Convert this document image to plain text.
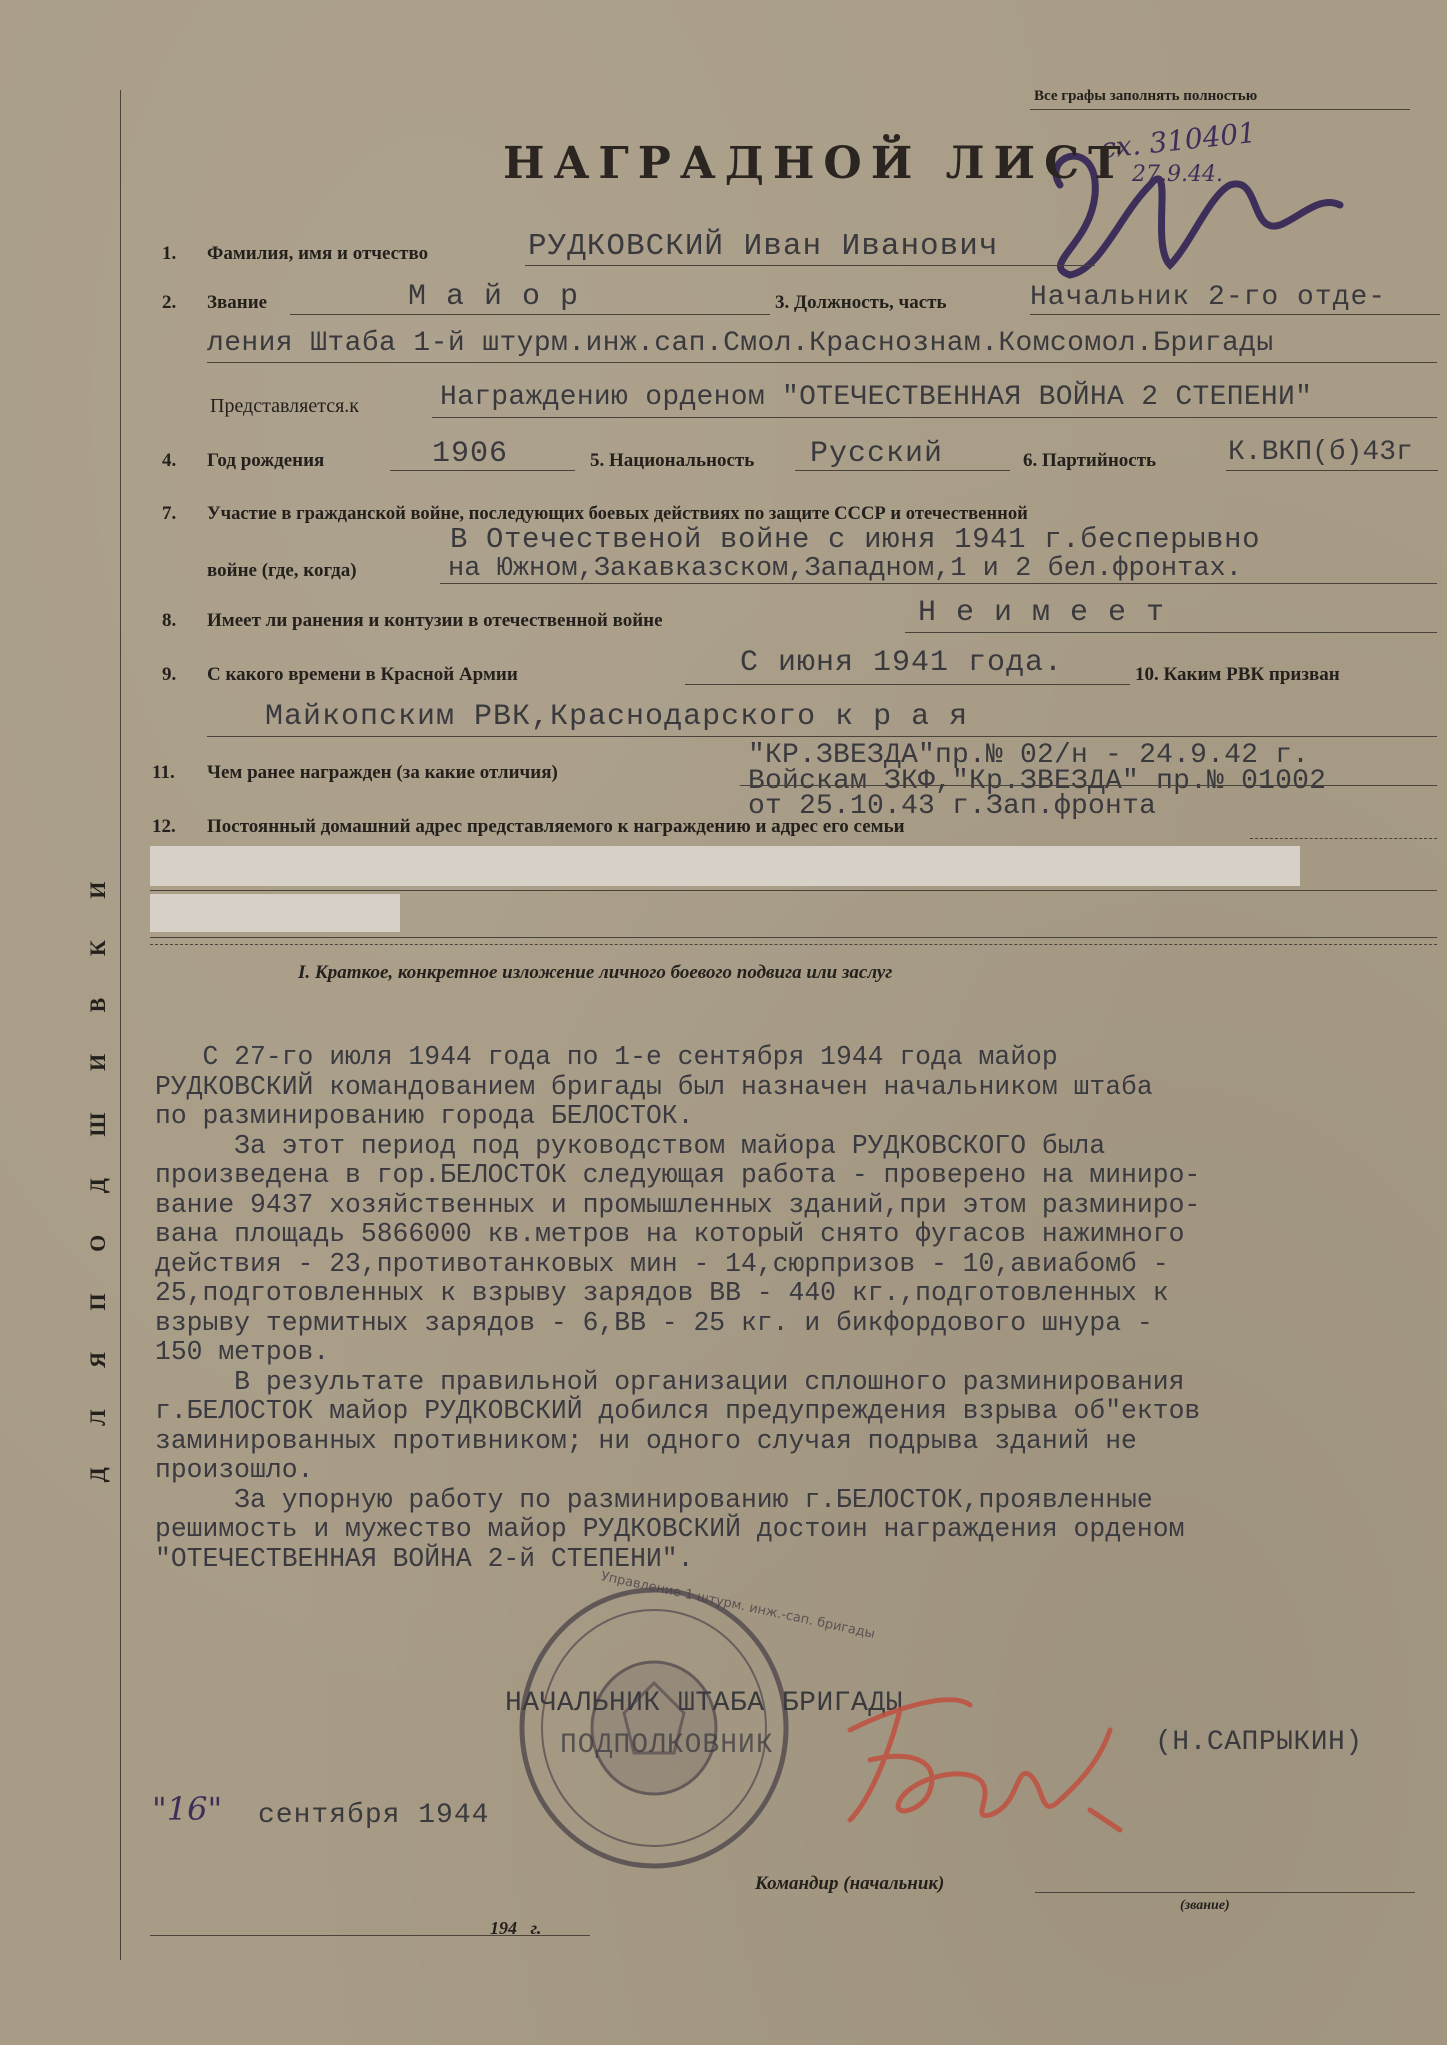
Д Л Я П О Д Ш И В К И
Все графы заполнять полностью
сх. 310401
27.9.44.
НАГРАДНОЙ ЛИСТ
1. Фамилия, имя и отчество	РУДКОВСКИЙ Иван Иванович
2. Звание	М а й о р	3. Должность, часть	Начальник 2-го отде-
ления Штаба 1-й штурм.инж.сап.Смол.Краснознам.Комсомол.Бригады
Представляется.к	Награждению орденом "ОТЕЧЕСТВЕННАЯ ВОЙНА 2 СТЕПЕНИ"
4. Год рождения	1906	5. Национальность Русский	6. Партийность	К.ВКП(б)43г
7. Участие в гражданской войне, последующих боевых действиях по защите СССР и отечественной
В Отечественой войне с июня 1941 г.бесперывно
войне (где, когда)	на Южном,Закавказском,Западном,1 и 2 бел.фронтах.
8. Имеет ли ранения и контузии в отечественной войне	Н е и м е е т
9. С какого времени в Красной Армии	С июня 1941 года.	10. Каким РВК призван
Майкопским РВК,Краснодарского к р а я
"КР.ЗВЕЗДА"пр.№ 02/н - 24.9.42 г.
11. Чем ранее награжден (за какие отличия)	Войскам ЗКФ,"Кр.ЗВЕЗДА" пр.№ 01002
от 25.10.43 г.Зап.фронта
12. Постоянный домашний адрес представляемого к награждению и адрес его семьи
I. Краткое, конкретное изложение личного боевого подвига или заслуг
С 27-го июля 1944 года по 1-е сентября 1944 года майор
РУДКОВСКИЙ командованием бригады был назначен начальником штаба
по разминированию города БЕЛОСТОК.
За этот период под руководством майора РУДКОВСКОГО была
произведена в гор.БЕЛОСТОК следующая работа - проверено на миниро-
вание 9437 хозяйственных и промышленных зданий,при этом разминиро-
вана площадь 5866000 кв.метров на который снято фугасов нажимного
действия - 23,противотанковых мин - 14,сюрпризов - 10,авиабомб -
25,подготовленных к взрыву зарядов ВВ - 440 кг.,подготовленных к
взрыву термитных зарядов - 6,ВВ - 25 кг. и бикфордового шнура -
150 метров.
В результате правильной организации сплошного разминирования
г.БЕЛОСТОК майор РУДКОВСКИЙ добился предупреждения взрыва об"ектов
заминированных противником; ни одного случая подрыва зданий не
произошло.
За упорную работу по разминированию г.БЕЛОСТОК,проявленные
решимость и мужество майор РУДКОВСКИЙ достоин награждения орденом
"ОТЕЧЕСТВЕННАЯ ВОЙНА 2-й СТЕПЕНИ".
Управление 1 штурм. инж.-сап. бригады
НАЧАЛЬНИК ШТАБА БРИГАДЫ
ПОДПОЛКОВНИК	(Н.САПРЫКИН)
"16" сентября 1944
Командир (начальник)
(звание)
194   г.
